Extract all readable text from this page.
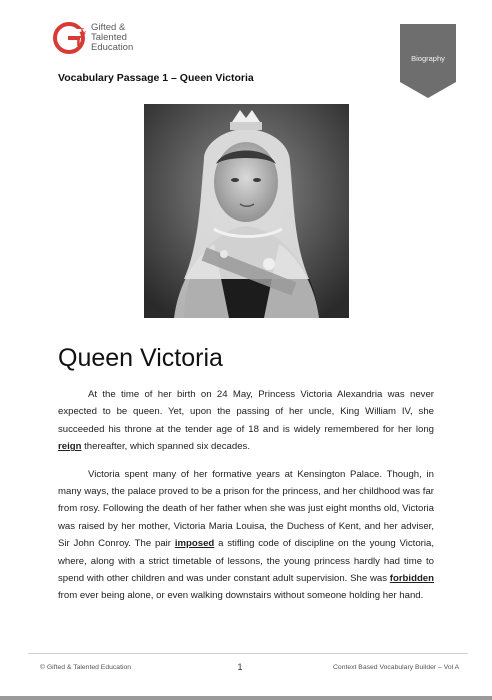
T
& Gifted &
Talented
Education
Biography
Vocabulary Passage 1 – Queen Victoria
Queen Victoria

At the time of her birth on 24 May, Princess Victoria Alexandria was never expected to be queen. Yet, upon the passing of her uncle, King William IV, she succeeded his throne at the tender age of 18 and is widely remembered for her long reign thereafter, which spanned six decades.

Victoria spent many of her formative years at Kensington Palace. Though, in many ways, the palace proved to be a prison for the princess, and her childhood was far from rosy. Following the death of her father when she was just eight months old, Victoria was raised by her mother, Victoria Maria Louisa, the Duchess of Kent, and her adviser, Sir John Conroy. The pair imposed a stifling code of discipline on the young Victoria, where, along with a strict timetable of lessons, the young princess hardly had time to spend with other children and was under constant adult supervision. She was forbidden from ever being alone, or even walking downstairs without someone holding her hand.

© Gifted & Talented Education	1	Context Based Vocabulary Builder – Vol A
